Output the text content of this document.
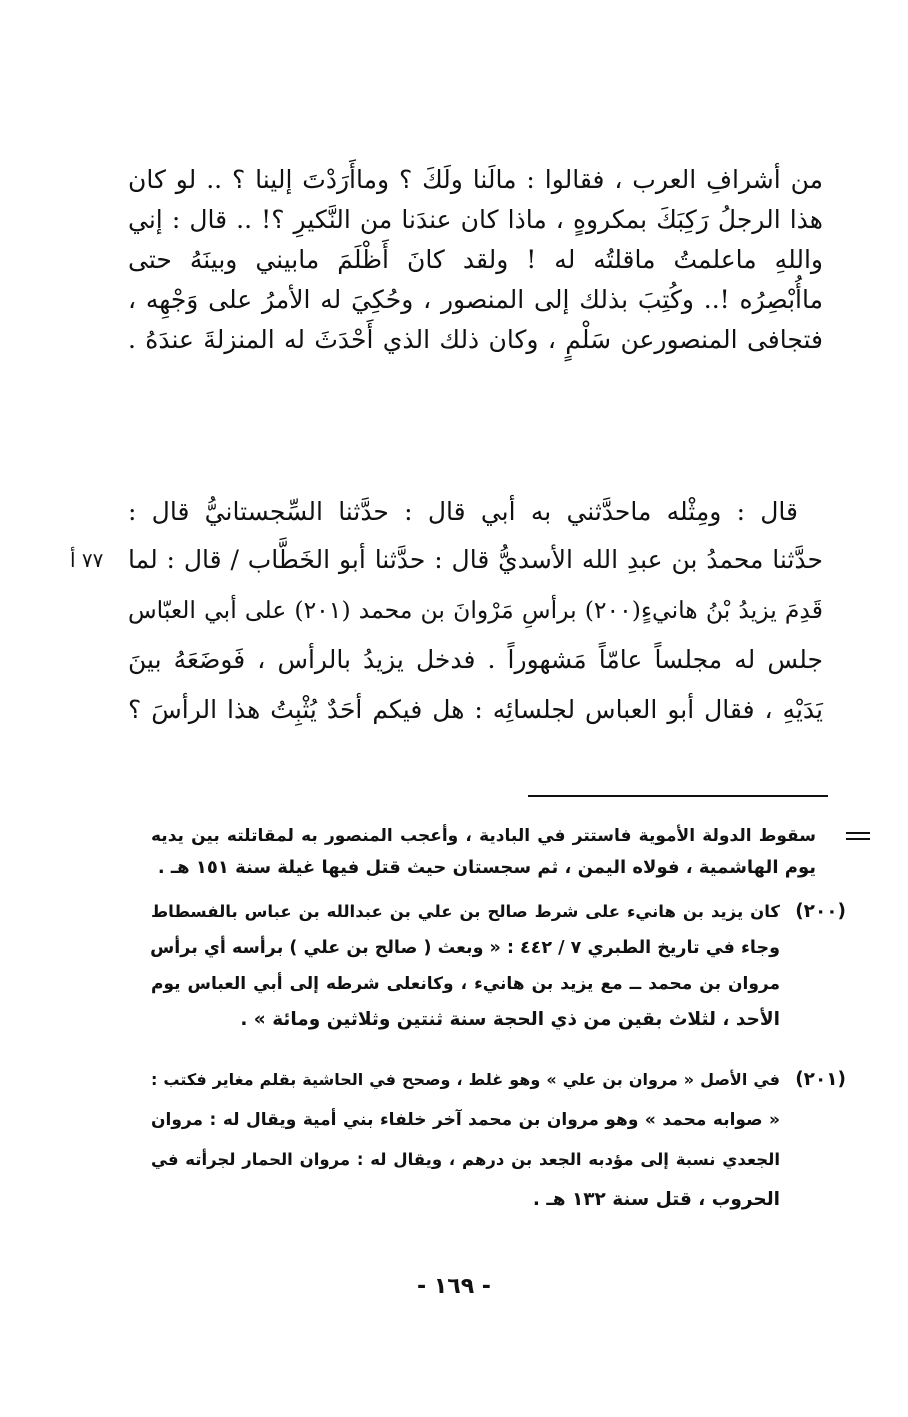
من أشرافِ العرب ، فقالوا : مالَنا ولَكَ ؟ وماأَرَدْتَ إلينا ؟ .. لو كان
هذا الرجلُ رَكِبَكَ بمكروهٍ ، ماذا كان عندَنا من النَّكيرِ ؟! .. قال : إني
واللهِ ماعلمتُ ماقلتُه له ! ولقد كانَ أَظْلَمَ مابيني وبينَهُ حتى
ماأُبْصِرُه !.. وكُتِبَ بذلك إلى المنصور ، وحُكِيَ له الأمرُ على وَجْهِه ،
فتجافى المنصورعن سَلْمٍ ، وكان ذلك الذي أَحْدَثَ له المنزلةَ عندَهُ .
قال : ومِثْله ماحدَّثني به أبي قال : حدَّثنا السِّجستانيُّ قال :
حدَّثنا محمدُ بن عبدِ الله الأسديُّ قال : حدَّثنا أبو الخَطَّاب / قال : لما
قَدِمَ يزيدُ بْنُ هانيءٍ(٢٠٠) برأسِ مَرْوانَ بن محمد (٢٠١) على أبي العبّاس
جلس له مجلساً عامّاً مَشهوراً . فدخل يزيدُ بالرأس ، فَوضَعَهُ بينَ
يَدَيْهِ ، فقال أبو العباس لجلسائِه : هل فيكم أحَدٌ يُثْبِتُ هذا الرأسَ ؟
٧٧ أ
سقوط الدولة الأموية فاستتر في البادية ، وأعجب المنصور به لمقاتلته بين يديه
يوم الهاشمية ، فولاه اليمن ، ثم سجستان حيث قتل فيها غيلة سنة ١٥١ هـ .
(٢٠٠)
كان يزيد بن هانيء على شرط صالح بن علي بن عبدالله بن عباس بالفسطاط
وجاء في تاريخ الطبري ٧ / ٤٤٢ : « وبعث ( صالح بن علي ) برأسه أي برأس
مروان بن محمد ــ مع يزيد بن هانيء ، وكانعلى شرطه إلى أبي العباس يوم
الأحد ، لثلاث بقين من ذي الحجة سنة ثنتين وثلاثين ومائة » .
(٢٠١)
في الأصل « مروان بن علي » وهو غلط ، وصحح في الحاشية بقلم مغاير فكتب :
« صوابه محمد » وهو مروان بن محمد آخر خلفاء بني أمية ويقال له : مروان
الجعدي نسبة إلى مؤدبه الجعد بن درهم ، ويقال له : مروان الحمار لجرأته في
الحروب ، قتل سنة ١٣٢ هـ .
- ١٦٩ -
